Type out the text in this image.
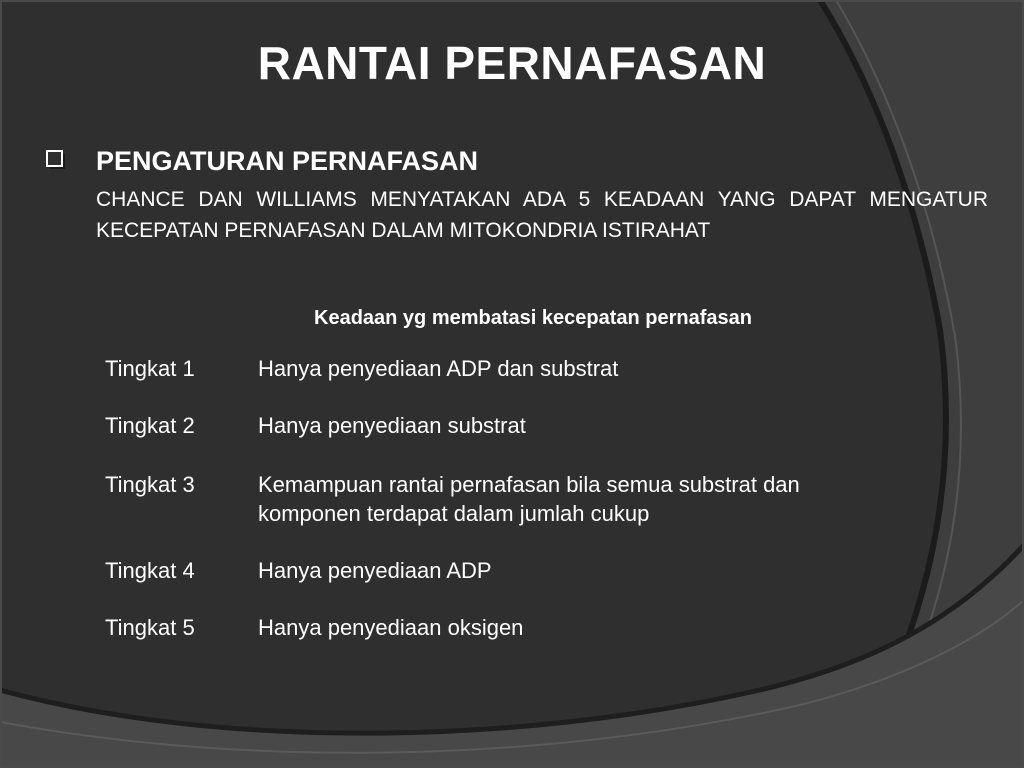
RANTAI PERNAFASAN
PENGATURAN PERNAFASAN

CHANCE DAN WILLIAMS MENYATAKAN ADA 5 KEADAAN YANG DAPAT MENGATUR KECEPATAN PERNAFASAN DALAM MITOKONDRIA ISTIRAHAT

Keadaan yg membatasi kecepatan pernafasan

Tingkat 1	Hanya penyediaan ADP dan substrat
Tingkat 2	Hanya penyediaan substrat
Tingkat 3	Kemampuan rantai pernafasan bila semua substrat dan komponen terdapat dalam jumlah cukup
Tingkat 4	Hanya penyediaan ADP
Tingkat 5	Hanya penyediaan oksigen
